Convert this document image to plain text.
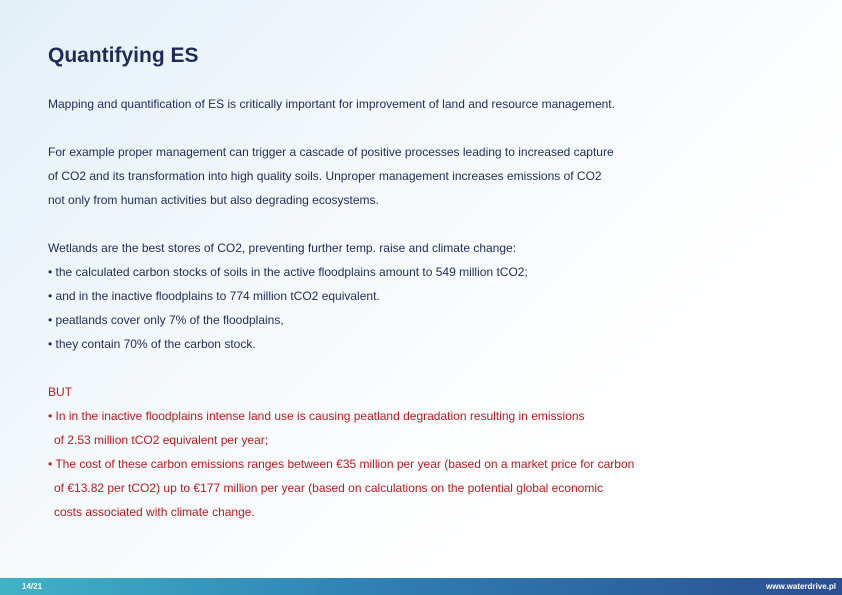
Quantifying ES
Mapping and quantification of ES is critically important for improvement of land and resource management.
For example proper management can trigger a cascade of positive processes leading to increased capture
of CO2 and its transformation into high quality soils. Unproper management increases emissions of CO2
not only from human activities but also degrading ecosystems.
Wetlands are the best stores of CO2, preventing further temp. raise and climate change:
• the calculated carbon stocks of soils in the active floodplains amount to 549 million tCO2;
• and in the inactive floodplains to 774 million tCO2 equivalent.
• peatlands cover only 7% of the floodplains,
• they contain 70% of the carbon stock.
BUT
• In in the inactive floodplains intense land use is causing peatland degradation resulting in emissions
of 2.53 million tCO2 equivalent per year;
• The cost of these carbon emissions ranges between €35 million per year (based on a market price for carbon
of €13.82 per tCO2) up to €177 million per year (based on calculations on the potential global economic
costs associated with climate change.
14/21	www.waterdrive.pl
